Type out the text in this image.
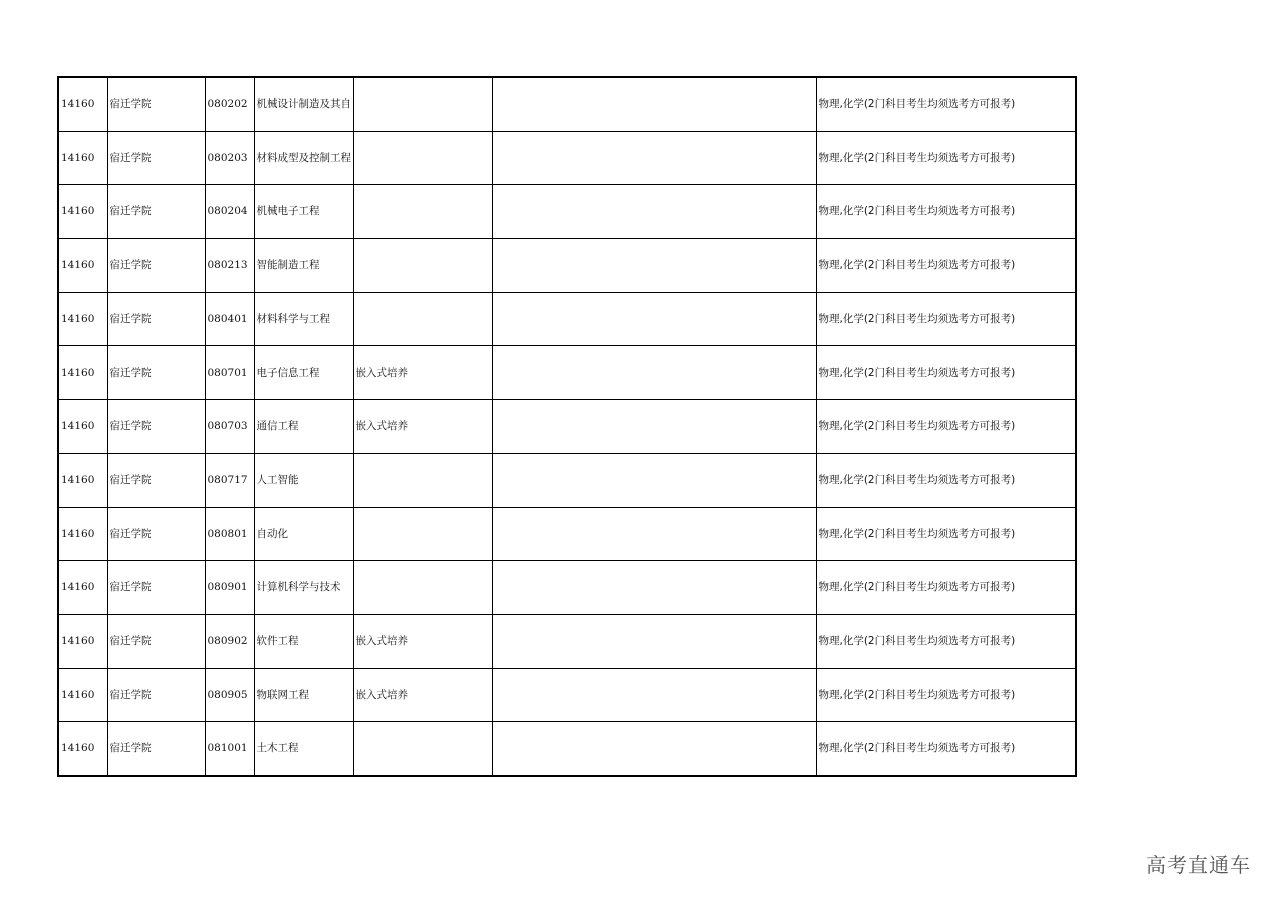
14160	宿迁学院	080202	机械设计制造及其自			物理,化学(2门科目考生均须选考方可报考)
14160	宿迁学院	080203	材料成型及控制工程			物理,化学(2门科目考生均须选考方可报考)
14160	宿迁学院	080204	机械电子工程			物理,化学(2门科目考生均须选考方可报考)
14160	宿迁学院	080213	智能制造工程			物理,化学(2门科目考生均须选考方可报考)
14160	宿迁学院	080401	材料科学与工程			物理,化学(2门科目考生均须选考方可报考)
14160	宿迁学院	080701	电子信息工程	嵌入式培养		物理,化学(2门科目考生均须选考方可报考)
14160	宿迁学院	080703	通信工程	嵌入式培养		物理,化学(2门科目考生均须选考方可报考)
14160	宿迁学院	080717	人工智能			物理,化学(2门科目考生均须选考方可报考)
14160	宿迁学院	080801	自动化			物理,化学(2门科目考生均须选考方可报考)
14160	宿迁学院	080901	计算机科学与技术			物理,化学(2门科目考生均须选考方可报考)
14160	宿迁学院	080902	软件工程	嵌入式培养		物理,化学(2门科目考生均须选考方可报考)
14160	宿迁学院	080905	物联网工程	嵌入式培养		物理,化学(2门科目考生均须选考方可报考)
14160	宿迁学院	081001	土木工程			物理,化学(2门科目考生均须选考方可报考)
高考直通车
